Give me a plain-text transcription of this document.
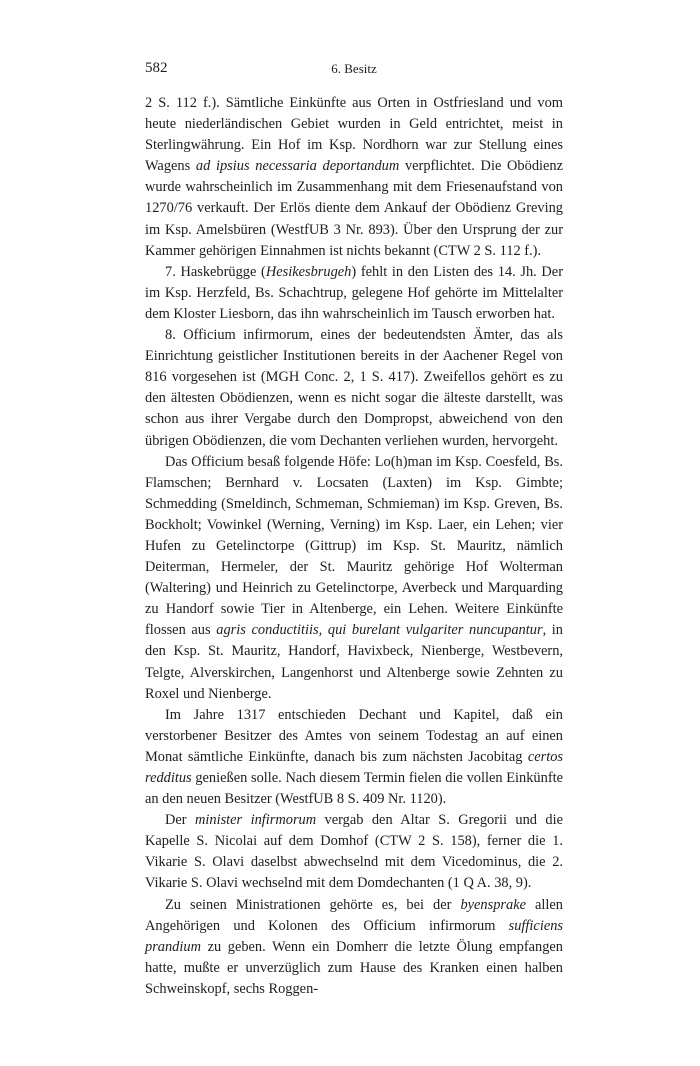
582	6. Besitz

2 S. 112 f.). Sämtliche Einkünfte aus Orten in Ostfriesland und vom heute niederländischen Gebiet wurden in Geld entrichtet, meist in Sterlingwährung. Ein Hof im Ksp. Nordhorn war zur Stellung eines Wagens ad ipsius necessaria deportandum verpflichtet. Die Obödienz wurde wahrscheinlich im Zusammenhang mit dem Friesenaufstand von 1270/76 verkauft. Der Erlös diente dem Ankauf der Obödienz Greving im Ksp. Amelsbüren (WestfUB 3 Nr. 893). Über den Ursprung der zur Kammer gehörigen Einnahmen ist nichts bekannt (CTW 2 S. 112 f.).

7. Haskebrügge (Hesikesbrugeh) fehlt in den Listen des 14. Jh. Der im Ksp. Herzfeld, Bs. Schachtrup, gelegene Hof gehörte im Mittelalter dem Kloster Liesborn, das ihn wahrscheinlich im Tausch erworben hat.

8. Officium infirmorum, eines der bedeutendsten Ämter, das als Einrichtung geistlicher Institutionen bereits in der Aachener Regel von 816 vorgesehen ist (MGH Conc. 2, 1 S. 417). Zweifellos gehört es zu den ältesten Obödienzen, wenn es nicht sogar die älteste darstellt, was schon aus ihrer Vergabe durch den Dompropst, abweichend von den übrigen Obödienzen, die vom Dechanten verliehen wurden, hervorgeht.

Das Officium besaß folgende Höfe: Lo(h)man im Ksp. Coesfeld, Bs. Flamschen; Bernhard v. Locsaten (Laxten) im Ksp. Gimbte; Schmedding (Smeldinch, Schmeman, Schmieman) im Ksp. Greven, Bs. Bockholt; Vowinkel (Werning, Verning) im Ksp. Laer, ein Lehen; vier Hufen zu Getelinctorpe (Gittrup) im Ksp. St. Mauritz, nämlich Deiterman, Hermeler, der St. Mauritz gehörige Hof Wolterman (Waltering) und Heinrich zu Getelinctorpe, Averbeck und Marquarding zu Handorf sowie Tier in Altenberge, ein Lehen. Weitere Einkünfte flossen aus agris conductitiis, qui burelant vulgariter nuncupantur, in den Ksp. St. Mauritz, Handorf, Havixbeck, Nienberge, Westbevern, Telgte, Alverskirchen, Langenhorst und Altenberge sowie Zehnten zu Roxel und Nienberge.

Im Jahre 1317 entschieden Dechant und Kapitel, daß ein verstorbener Besitzer des Amtes von seinem Todestag an auf einen Monat sämtliche Einkünfte, danach bis zum nächsten Jacobitag certos redditus genießen solle. Nach diesem Termin fielen die vollen Einkünfte an den neuen Besitzer (WestfUB 8 S. 409 Nr. 1120).

Der minister infirmorum vergab den Altar S. Gregorii und die Kapelle S. Nicolai auf dem Domhof (CTW 2 S. 158), ferner die 1. Vikarie S. Olavi daselbst abwechselnd mit dem Vicedominus, die 2. Vikarie S. Olavi wechselnd mit dem Domdechanten (1 Q A. 38, 9).

Zu seinen Ministrationen gehörte es, bei der byensprake allen Angehörigen und Kolonen des Officium infirmorum sufficiens prandium zu geben. Wenn ein Domherr die letzte Ölung empfangen hatte, mußte er unverzüglich zum Hause des Kranken einen halben Schweinskopf, sechs Roggen-
